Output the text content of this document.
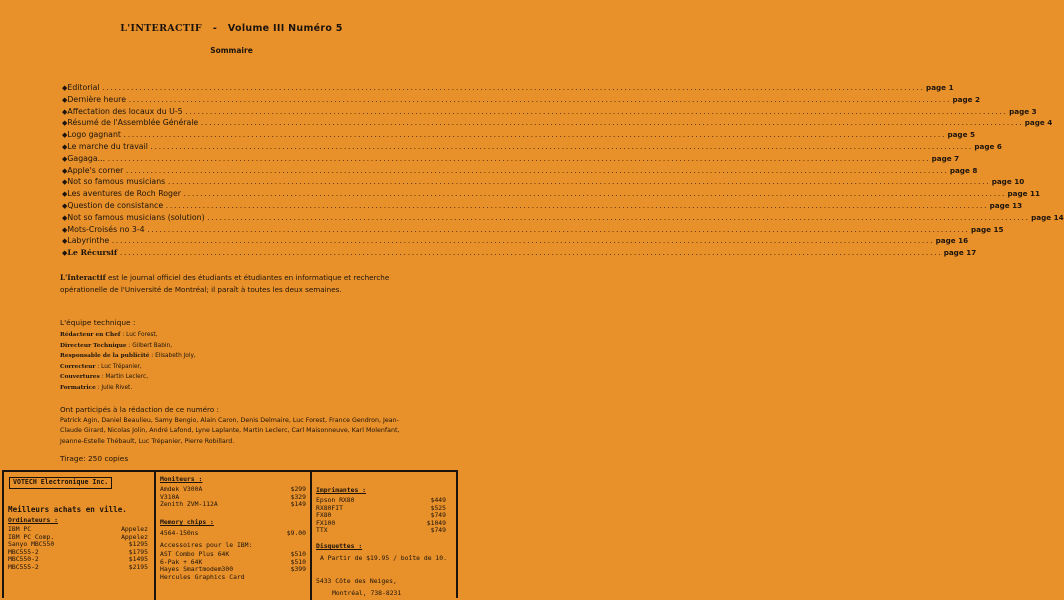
L'INTERACTIF - Volume III Numéro 5
Sommaire
◆ Editorial ........................................................................................................................................................................................................ page 1
◆ Dernière heure ........................................................................................................................................................................................................ page 2
◆ Affectation des locaux du U-5 ........................................................................................................................................................................................................ page 3
◆ Résumé de l'Assemblée Générale ........................................................................................................................................................................................................ page 4
◆ Logo gagnant ........................................................................................................................................................................................................ page 5
◆ Le marche du travail ........................................................................................................................................................................................................ page 6
◆ Gagaga... ........................................................................................................................................................................................................ page 7
◆ Apple's corner ........................................................................................................................................................................................................ page 8
◆ Not so famous musicians ........................................................................................................................................................................................................ page 10
◆ Les aventures de Roch Roger ........................................................................................................................................................................................................ page 11
◆ Question de consistance ........................................................................................................................................................................................................ page 13
◆ Not so famous musicians (solution) ........................................................................................................................................................................................................ page 14
◆ Mots-Croisés no 3-4 ........................................................................................................................................................................................................ page 15
◆ Labyrinthe ........................................................................................................................................................................................................ page 16
◆ Le Récursif ........................................................................................................................................................................................................ page 17
L'Interactif est le journal officiel des étudiants et étudiantes en informatique et recherche opérationelle de l'Université de Montréal; il paraît à toutes les deux semaines.
L'équipe technique :
Rédacteur en Chef : Luc Forest,
Directeur Technique : Gilbert Babin,
Responsable de la publicité : Elisabeth Joly,
Correcteur : Luc Trépanier,
Couvertures : Martin Leclerc,
Formatrice : Julie Rivet.
Ont participés à la rédaction de ce numéro :
Patrick Agin, Daniel Beaulieu, Samy Bengio, Alain Caron, Denis Delmaire, Luc Forest, France Gendron, Jean-Claude Girard, Nicolas Jolin, André Lafond, Lyne Laplante, Martin Leclerc, Carl Maisonneuve, Karl Molenfant, Jeanne-Estelle Thébault, Luc Trépanier, Pierre Robillard.
Tirage: 250 copies
VOTECH Electronique Inc.
Meilleurs achats en ville.
Ordinateurs :
IBM PC	Appelez
IBM PC Comp.	Appelez
Sanyo MBC550	$1295
MBC555-2	$1795
MBC550-2	$1495
MBC555-2	$2195
Moniteurs :
Amdek V300A	$299
V310A	$329
Zenith ZVM-112A	$149
Memory chips :
4564-150ns	$9.00
Accessoires pour le IBM:
AST Combo Plus 64K	$510
6-Pak + 64K	$510
Hayes Smartmodem300	$399
Hercules Graphics Card
Imprimantes :
Epson RX80	$449
RX80FIT	$525
FX80	$749
FX100	$1049
TTX	$749
Disquettes :
A Partir de $19.95 / boîte de 10.
5433 Côte des Neiges,
Montréal, 738-8231
